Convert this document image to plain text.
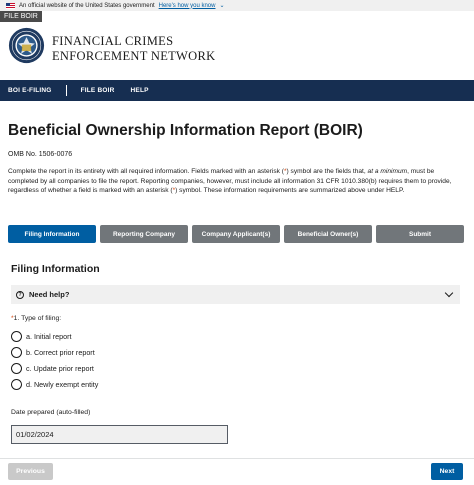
An official website of the United States government Here's how you know ⌄
FILE BOIR
FINANCIAL CRIMES
ENFORCEMENT NETWORK
BOI E-FILING	FILE BOIR HELP
Beneficial Ownership Information Report (BOIR)
OMB No. 1506-0076

Complete the report in its entirety with all required information. Fields marked with an asterisk (*) symbol are the fields that, at a minimum, must be completed by all companies to file the report. Reporting companies, however, must include all information 31 CFR 1010.380(b) requires them to provide, regardless of whether a field is marked with an asterisk (*) symbol. These information requirements are summarized above under HELP.

Filing Information	Reporting Company	Company Applicant(s)	Beneficial Owner(s)	Submit
Filing Information
? Need help?
*1. Type of filing:
a. Initial report
b. Correct prior report
c. Update prior report
d. Newly exempt entity
Date prepared (auto-filled)
01/02/2024
Previous	Next
